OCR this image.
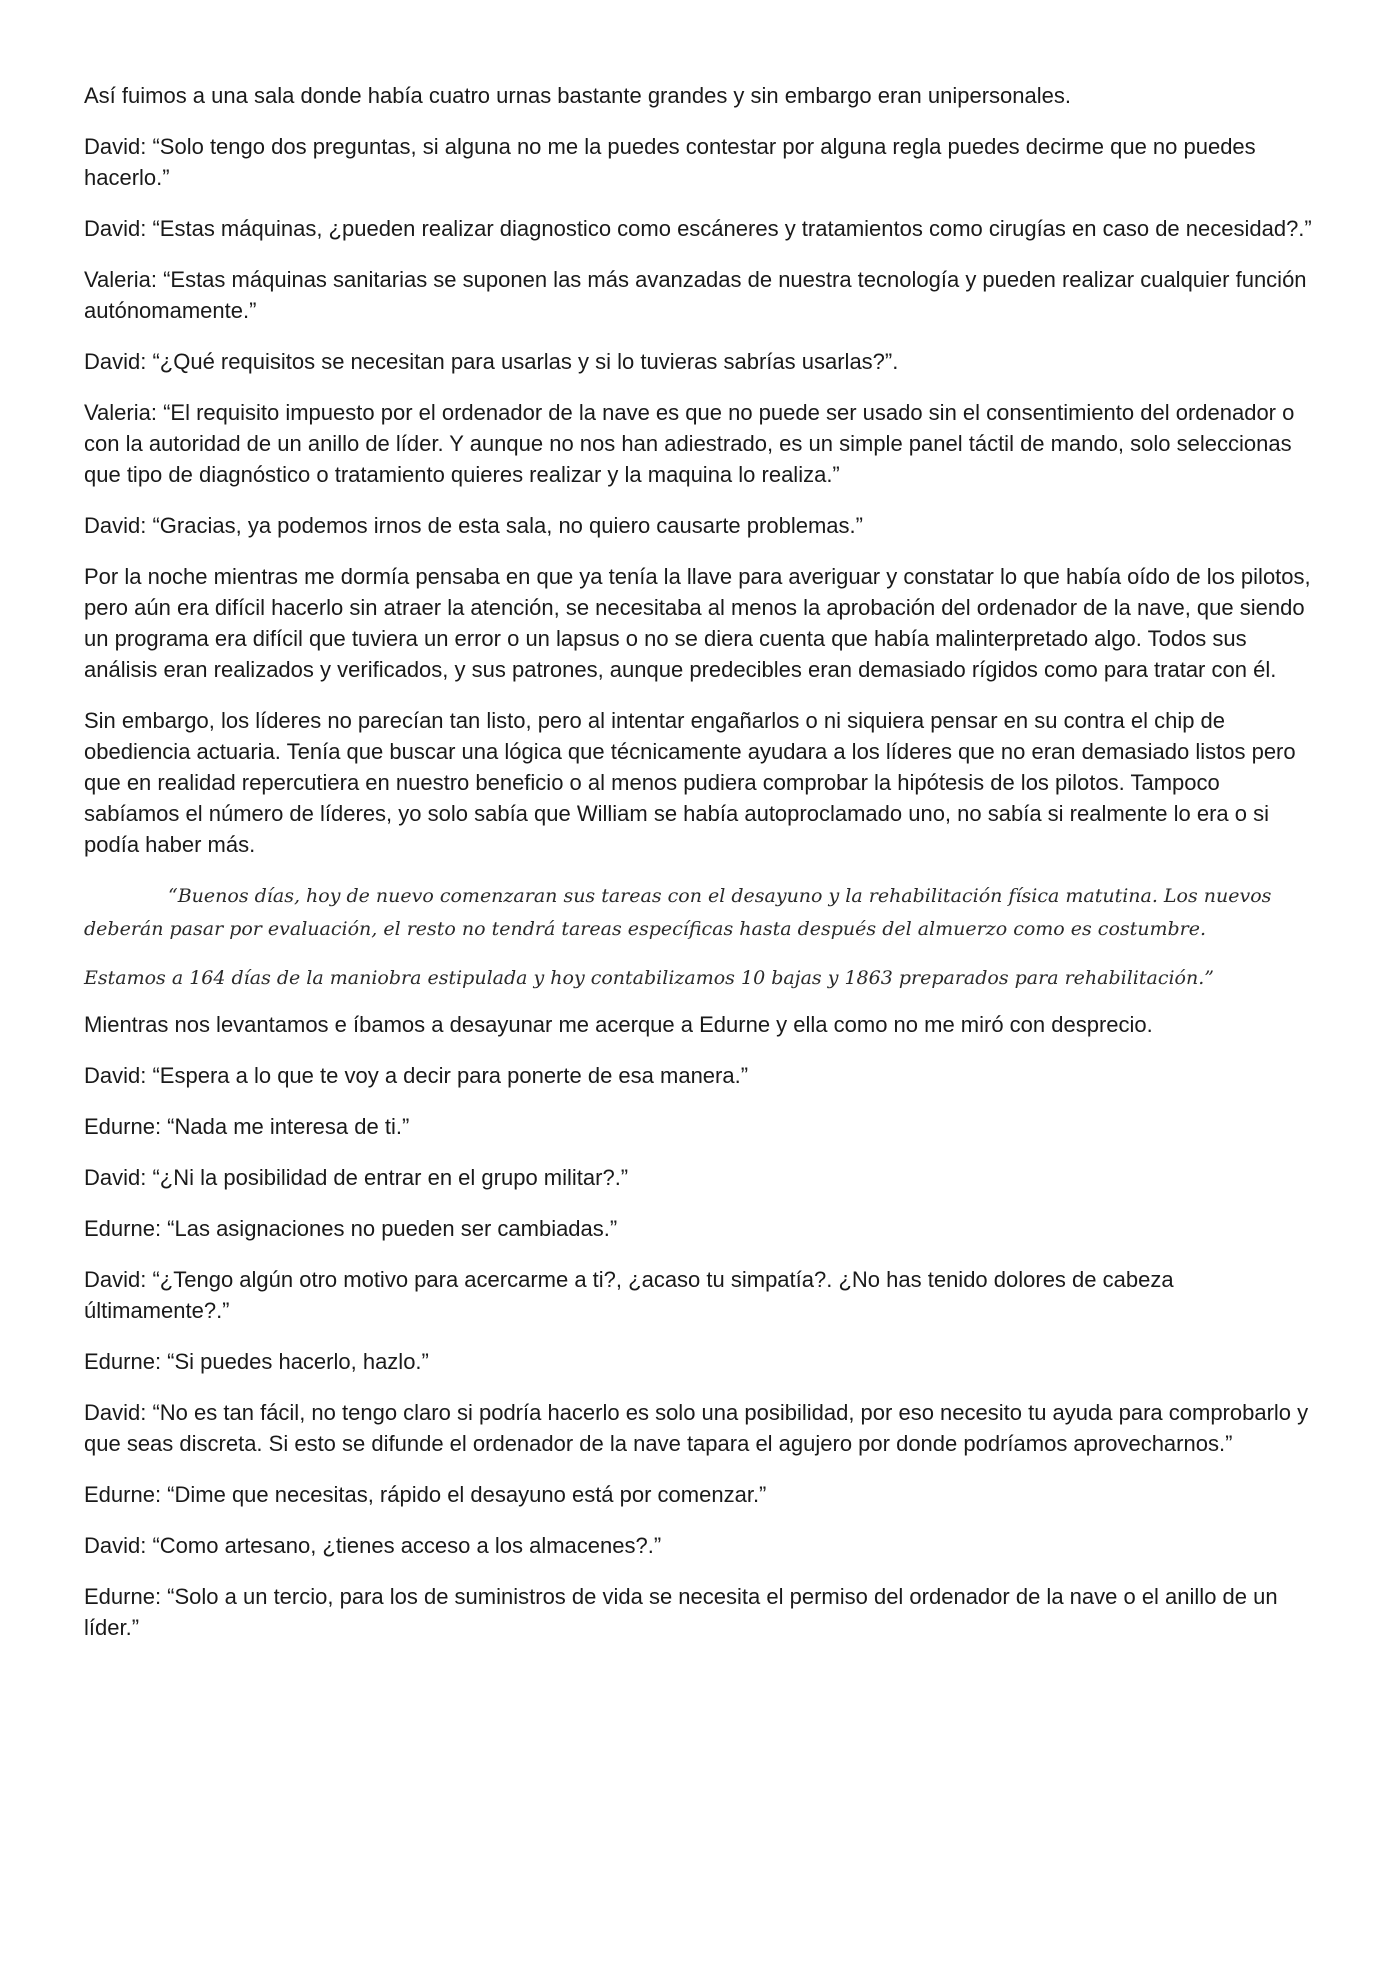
Así fuimos a una sala donde había cuatro urnas bastante grandes y sin embargo eran unipersonales.

David: “Solo tengo dos preguntas, si alguna no me la puedes contestar por alguna regla puedes decirme que no puedes hacerlo.”

David: “Estas máquinas, ¿pueden realizar diagnostico como escáneres y tratamientos como cirugías en caso de necesidad?.”

Valeria: “Estas máquinas sanitarias se suponen las más avanzadas de nuestra tecnología y pueden realizar cualquier función autónomamente.”

David: “¿Qué requisitos se necesitan para usarlas y si lo tuvieras sabrías usarlas?”.

Valeria: “El requisito impuesto por el ordenador de la nave es que no puede ser usado sin el consentimiento del ordenador o con la autoridad de un anillo de líder. Y aunque no nos han adiestrado, es un simple panel táctil de mando, solo seleccionas que tipo de diagnóstico o tratamiento quieres realizar y la maquina lo realiza.”

David: “Gracias, ya podemos irnos de esta sala, no quiero causarte problemas.”

Por la noche mientras me dormía pensaba en que ya tenía la llave para averiguar y constatar lo que había oído de los pilotos, pero aún era difícil hacerlo sin atraer la atención, se necesitaba al menos la aprobación del ordenador de la nave, que siendo un programa era difícil que tuviera un error o un lapsus o no se diera cuenta que había malinterpretado algo. Todos sus análisis eran realizados y verificados, y sus patrones, aunque predecibles eran demasiado rígidos como para tratar con él.

Sin embargo, los líderes no parecían tan listo, pero al intentar engañarlos o ni siquiera pensar en su contra el chip de obediencia actuaria. Tenía que buscar una lógica que técnicamente ayudara a los líderes que no eran demasiado listos pero que en realidad repercutiera en nuestro beneficio o al menos pudiera comprobar la hipótesis de los pilotos. Tampoco sabíamos el número de líderes, yo solo sabía que William se había autoproclamado uno, no sabía si realmente lo era o si podía haber más.

“Buenos días, hoy de nuevo comenzaran sus tareas con el desayuno y la rehabilitación física matutina. Los nuevos deberán pasar por evaluación, el resto no tendrá tareas específicas hasta después del almuerzo como es costumbre.

Estamos a 164 días de la maniobra estipulada y hoy contabilizamos 10 bajas y 1863 preparados para rehabilitación.”

Mientras nos levantamos e íbamos a desayunar me acerque a Edurne y ella como no me miró con desprecio.

David: “Espera a lo que te voy a decir para ponerte de esa manera.”

Edurne: “Nada me interesa de ti.”

David: “¿Ni la posibilidad de entrar en el grupo militar?.”

Edurne: “Las asignaciones no pueden ser cambiadas.”

David: “¿Tengo algún otro motivo para acercarme a ti?, ¿acaso tu simpatía?. ¿No has tenido dolores de cabeza últimamente?.”

Edurne: “Si puedes hacerlo, hazlo.”

David: “No es tan fácil, no tengo claro si podría hacerlo es solo una posibilidad, por eso necesito tu ayuda para comprobarlo y que seas discreta. Si esto se difunde el ordenador de la nave tapara el agujero por donde podríamos aprovecharnos.”

Edurne: “Dime que necesitas, rápido el desayuno está por comenzar.”

David: “Como artesano, ¿tienes acceso a los almacenes?.”

Edurne: “Solo a un tercio, para los de suministros de vida se necesita el permiso del ordenador de la nave o el anillo de un líder.”
